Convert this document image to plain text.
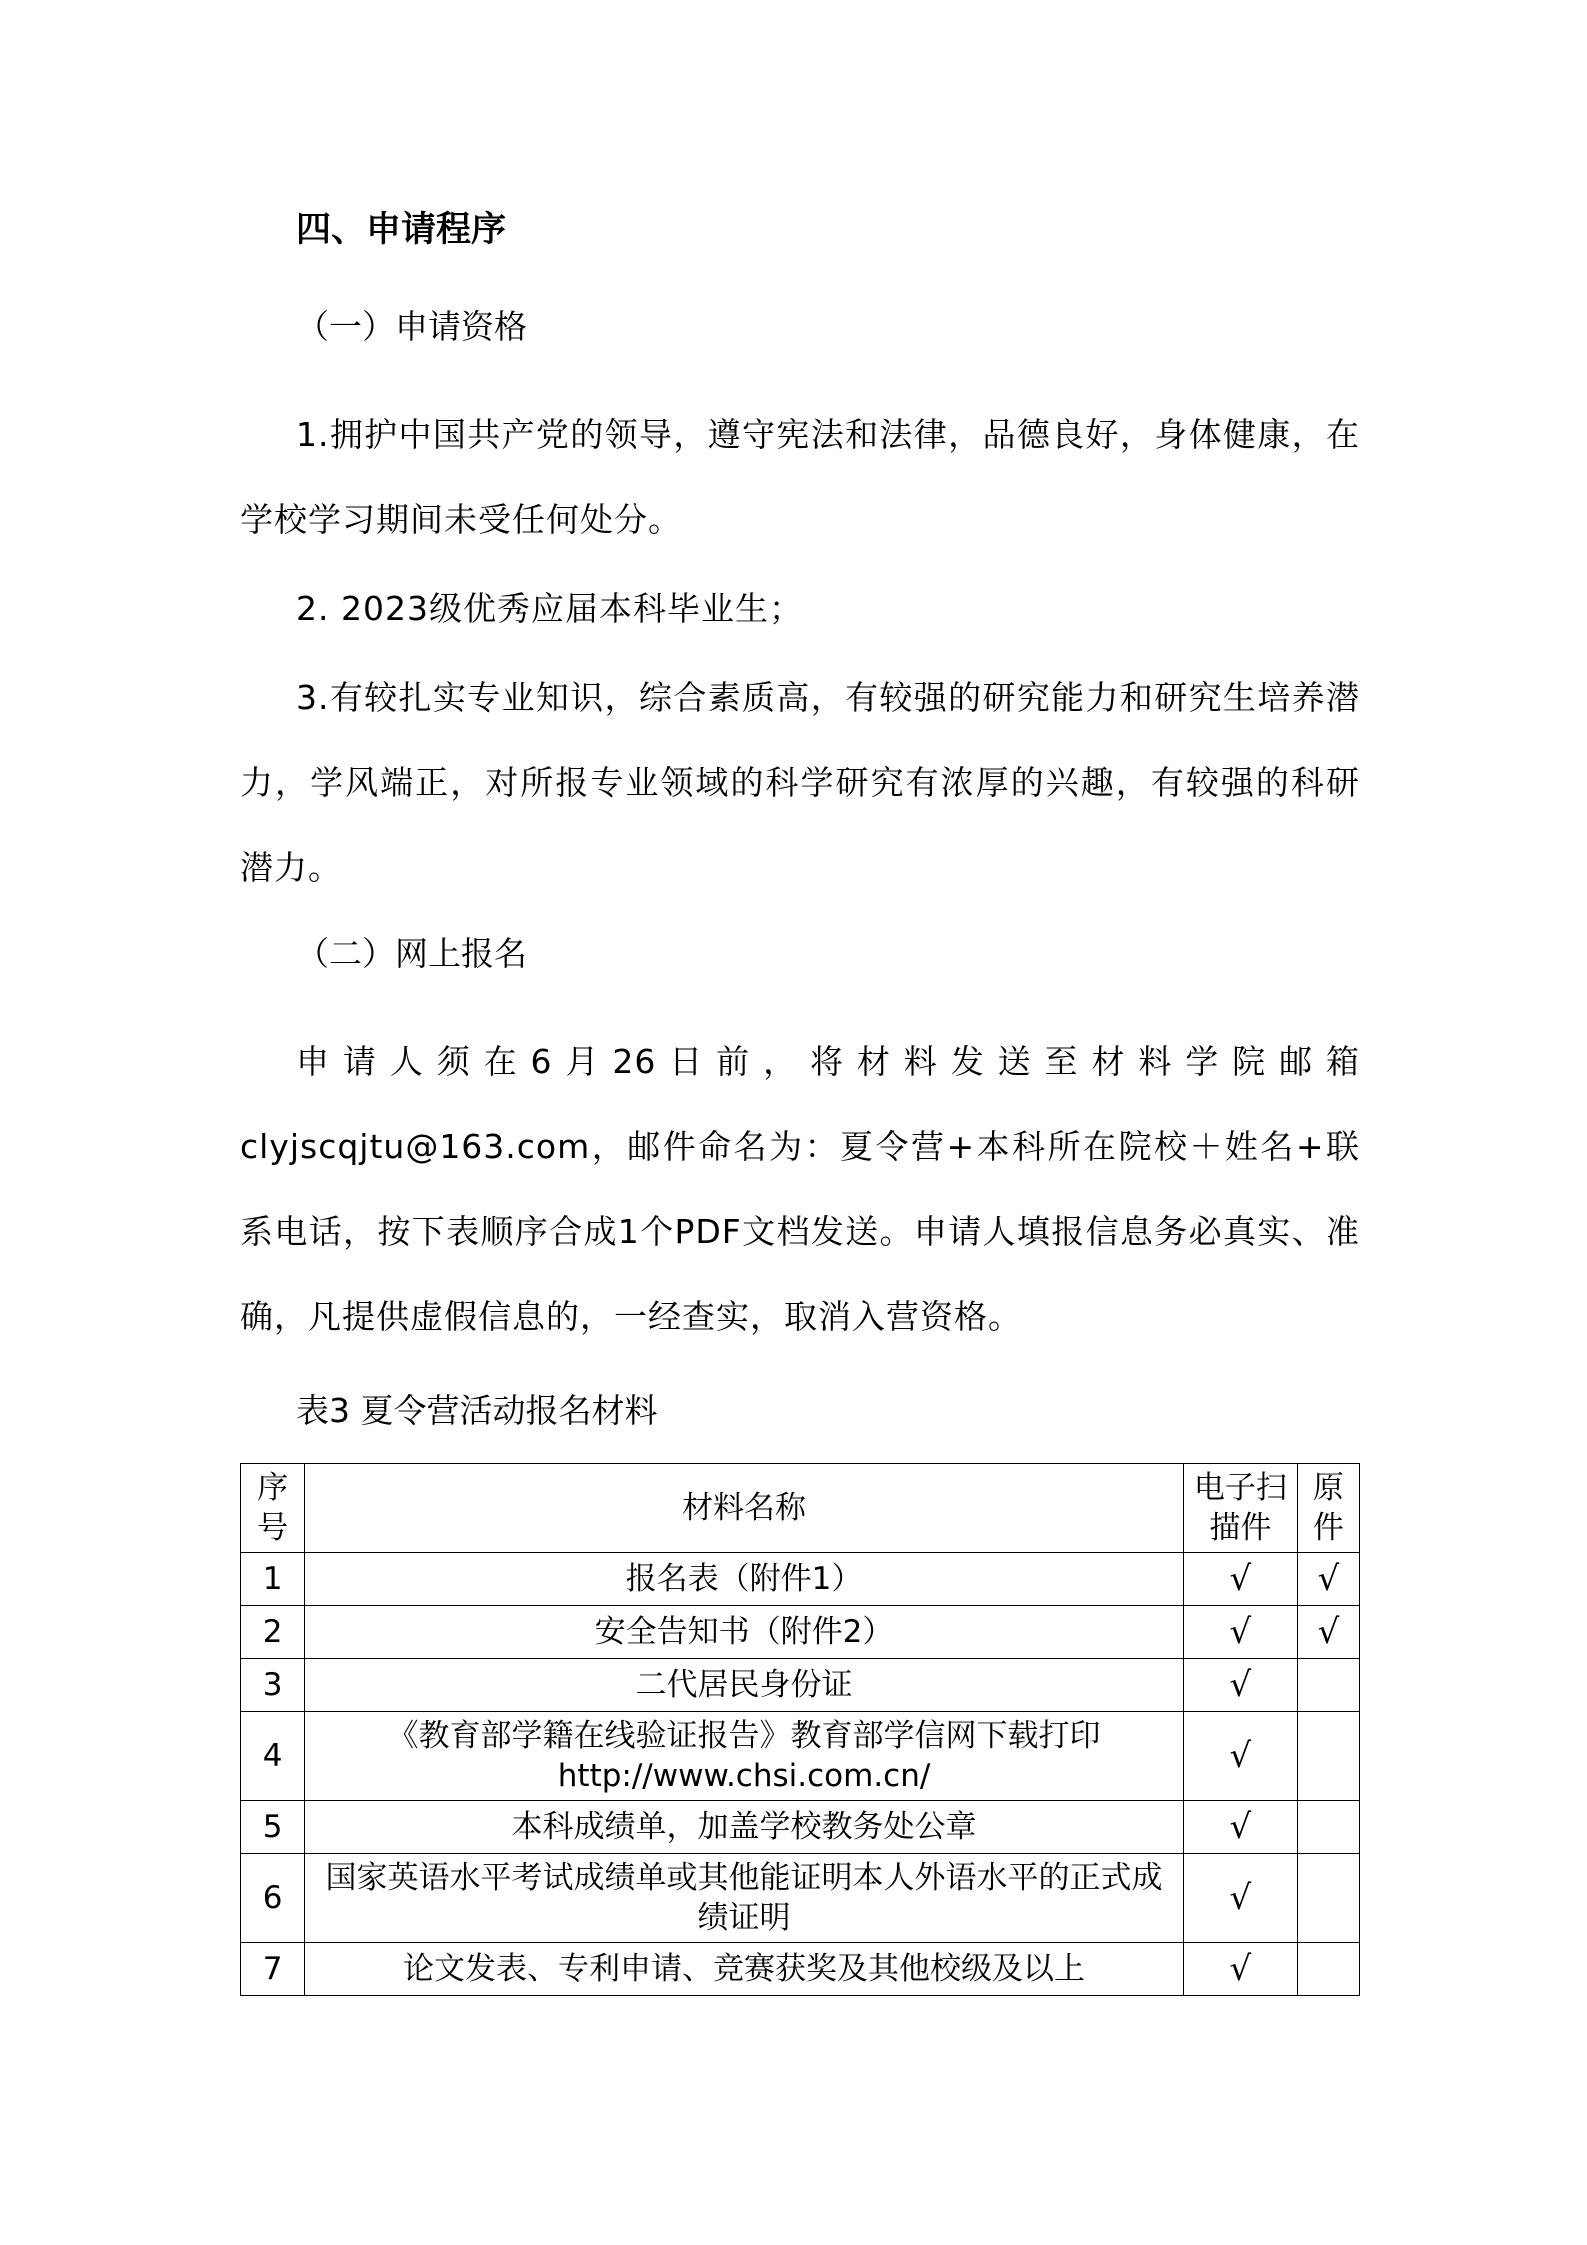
四、申请程序
（一）申请资格

1.拥护中国共产党的领导，遵守宪法和法律，品德良好，身体健康，在学校学习期间未受任何处分。

2. 2023级优秀应届本科毕业生；

3.有较扎实专业知识，综合素质高，有较强的研究能力和研究生培养潜力，学风端正，对所报专业领域的科学研究有浓厚的兴趣，有较强的科研潜力。

（二）网上报名

申请人须在6月26日前，将材料发送至材料学院邮箱clyjscqjtu@163.com，邮件命名为：夏令营+本科所在院校＋姓名+联系电话，按下表顺序合成1个PDF文档发送。申请人填报信息务必真实、准确，凡提供虚假信息的，一经查实，取消入营资格。

表3 夏令营活动报名材料
序号	材料名称	电子扫描件	原件
1	报名表（附件1）	√	√
2	安全告知书（附件2）	√	√
3	二代居民身份证	√	
4	《教育部学籍在线验证报告》教育部学信网下载打印 http://www.chsi.com.cn/	√	
5	本科成绩单，加盖学校教务处公章	√	
6	国家英语水平考试成绩单或其他能证明本人外语水平的正式成绩证明	√	
7	论文发表、专利申请、竞赛获奖及其他校级及以上	√	
